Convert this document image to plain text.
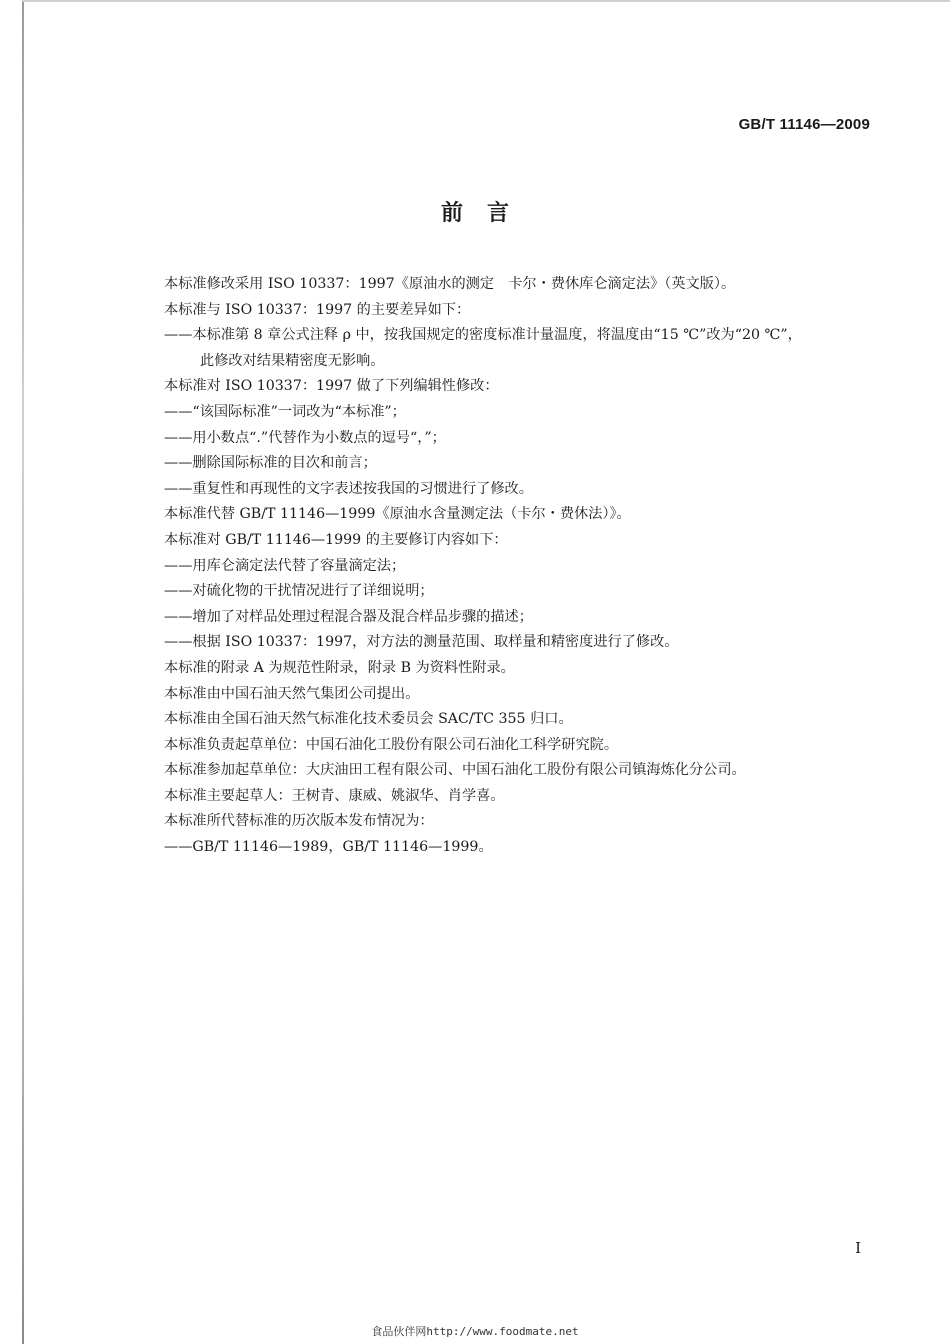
GB/T 11146—2009
前言
本标准修改采用 ISO 10337：1997《原油水的测定　卡尔・费休库仑滴定法》（英文版）。
本标准与 ISO 10337：1997 的主要差异如下：
——本标准第 8 章公式注释 ρ 中，按我国规定的密度标准计量温度，将温度由“15 ℃”改为“20 ℃”，
此修改对结果精密度无影响。
本标准对 ISO 10337：1997 做了下列编辑性修改：
——“该国际标准”一词改为“本标准”；
——用小数点“.”代替作为小数点的逗号“，”；
——删除国际标准的目次和前言；
——重复性和再现性的文字表述按我国的习惯进行了修改。
本标准代替 GB/T 11146—1999《原油水含量测定法（卡尔・费休法）》。
本标准对 GB/T 11146—1999 的主要修订内容如下：
——用库仑滴定法代替了容量滴定法；
——对硫化物的干扰情况进行了详细说明；
——增加了对样品处理过程混合器及混合样品步骤的描述；
——根据 ISO 10337：1997，对方法的测量范围、取样量和精密度进行了修改。
本标准的附录 A 为规范性附录，附录 B 为资料性附录。
本标准由中国石油天然气集团公司提出。
本标准由全国石油天然气标准化技术委员会 SAC/TC 355 归口。
本标准负责起草单位：中国石油化工股份有限公司石油化工科学研究院。
本标准参加起草单位：大庆油田工程有限公司、中国石油化工股份有限公司镇海炼化分公司。
本标准主要起草人：王树青、康威、姚淑华、肖学喜。
本标准所代替标准的历次版本发布情况为：
——GB/T 11146—1989，GB/T 11146—1999。
I
食品伙伴网http://www.foodmate.net
